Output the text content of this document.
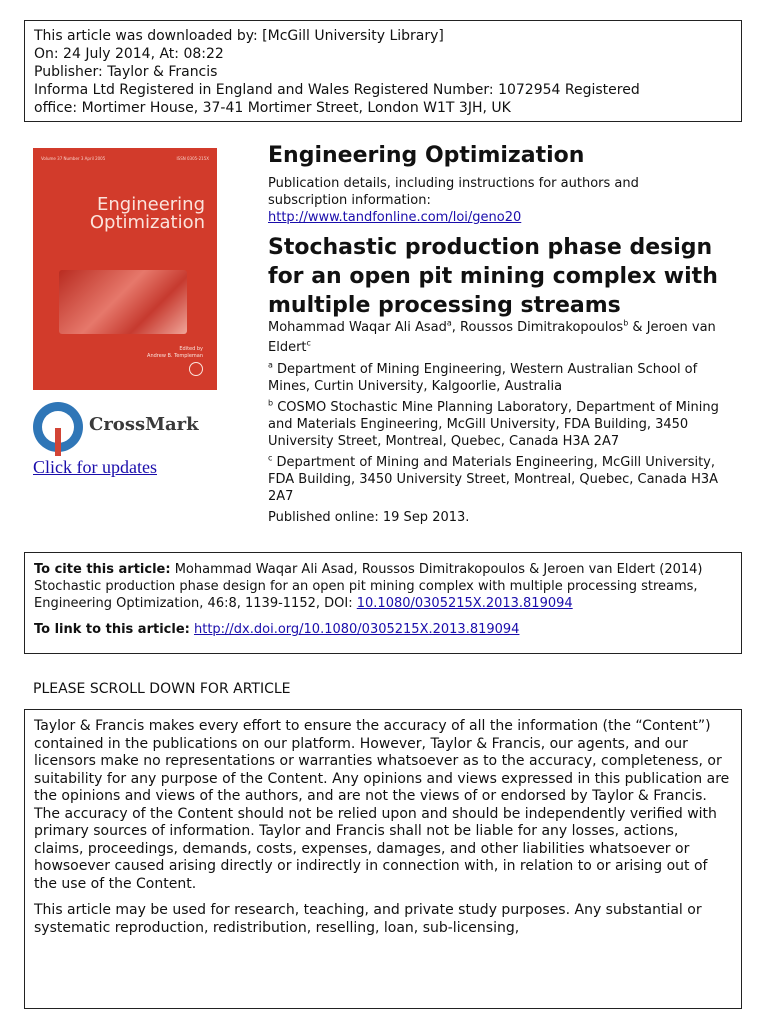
This article was downloaded by: [McGill University Library]
On: 24 July 2014, At: 08:22
Publisher: Taylor & Francis
Informa Ltd Registered in England and Wales Registered Number: 1072954 Registered
office: Mortimer House, 37-41 Mortimer Street, London W1T 3JH, UK
Volume 37 Number 3 April 2005	ISSN 0305-215X
Engineering
Optimization
Edited by
Andrew B. Templeman
CrossMark
Click for updates
Engineering Optimization
Publication details, including instructions for authors and subscription information:
http://www.tandfonline.com/loi/geno20
Stochastic production phase design for an open pit mining complex with multiple processing streams
Mohammad Waqar Ali Asad$^a$, Roussos Dimitrakopoulos$^b$ & Jeroen van Eldert$^c$
$^a$ Department of Mining Engineering, Western Australian School of Mines, Curtin University, Kalgoorlie, Australia
$^b$ COSMO Stochastic Mine Planning Laboratory, Department of Mining and Materials Engineering, McGill University, FDA Building, 3450 University Street, Montreal, Quebec, Canada H3A 2A7
$^c$ Department of Mining and Materials Engineering, McGill University, FDA Building, 3450 University Street, Montreal, Quebec, Canada H3A 2A7
Published online: 19 Sep 2013.
To cite this article: Mohammad Waqar Ali Asad, Roussos Dimitrakopoulos & Jeroen van Eldert (2014) Stochastic production phase design for an open pit mining complex with multiple processing streams, Engineering Optimization, 46:8, 1139-1152, DOI: 10.1080/0305215X.2013.819094
To link to this article: http://dx.doi.org/10.1080/0305215X.2013.819094
PLEASE SCROLL DOWN FOR ARTICLE

Taylor & Francis makes every effort to ensure the accuracy of all the information (the “Content”) contained in the publications on our platform. However, Taylor & Francis, our agents, and our licensors make no representations or warranties whatsoever as to the accuracy, completeness, or suitability for any purpose of the Content. Any opinions and views expressed in this publication are the opinions and views of the authors, and are not the views of or endorsed by Taylor & Francis. The accuracy of the Content should not be relied upon and should be independently verified with primary sources of information. Taylor and Francis shall not be liable for any losses, actions, claims, proceedings, demands, costs, expenses, damages, and other liabilities whatsoever or howsoever caused arising directly or indirectly in connection with, in relation to or arising out of the use of the Content.

This article may be used for research, teaching, and private study purposes. Any substantial or systematic reproduction, redistribution, reselling, loan, sub-licensing,
